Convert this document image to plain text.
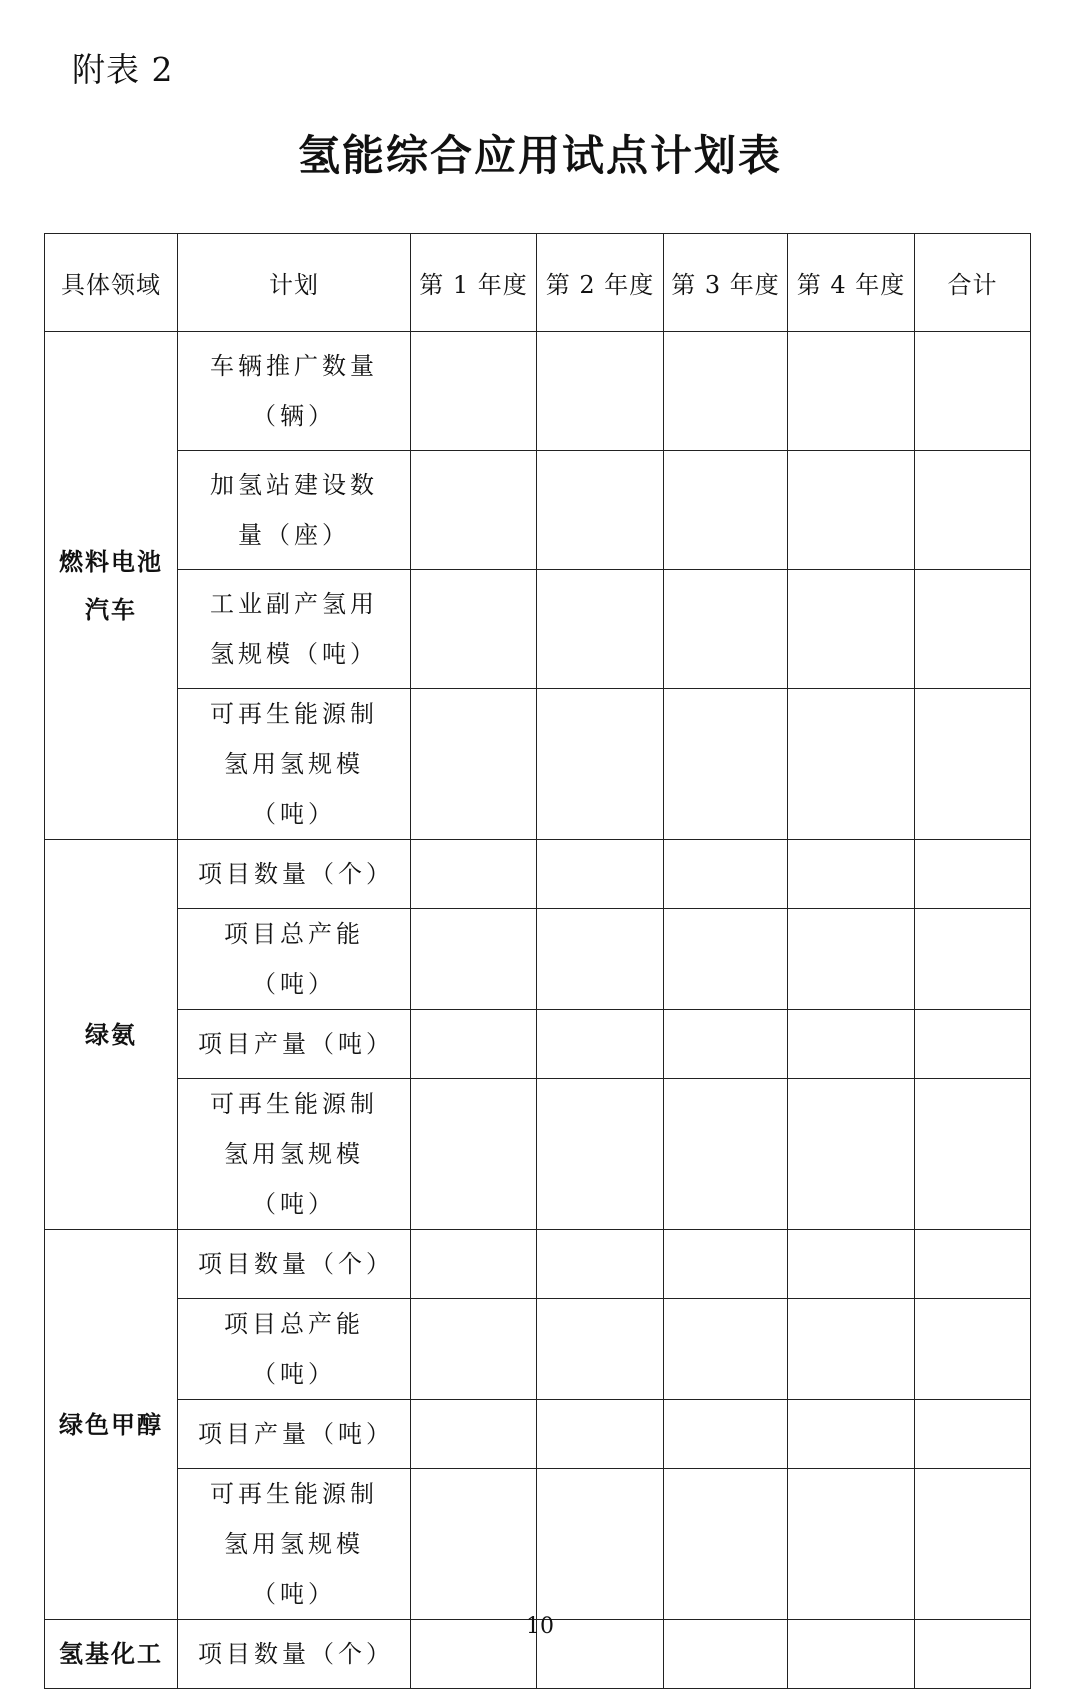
附表 2
氢能综合应用试点计划表
具体领域	计划	第 1 年度	第 2 年度	第 3 年度	第 4 年度	合计
燃料电池汽车	车辆推广数量（辆）					
	加氢站建设数量（座）					
	工业副产氢用氢规模（吨）					
	可再生能源制氢用氢规模（吨）					
绿氨	项目数量（个）					
	项目总产能（吨）					
	项目产量（吨）					
	可再生能源制氢用氢规模（吨）					
绿色甲醇	项目数量（个）					
	项目总产能（吨）					
	项目产量（吨）					
	可再生能源制氢用氢规模（吨）					
氢基化工	项目数量（个）					
10
